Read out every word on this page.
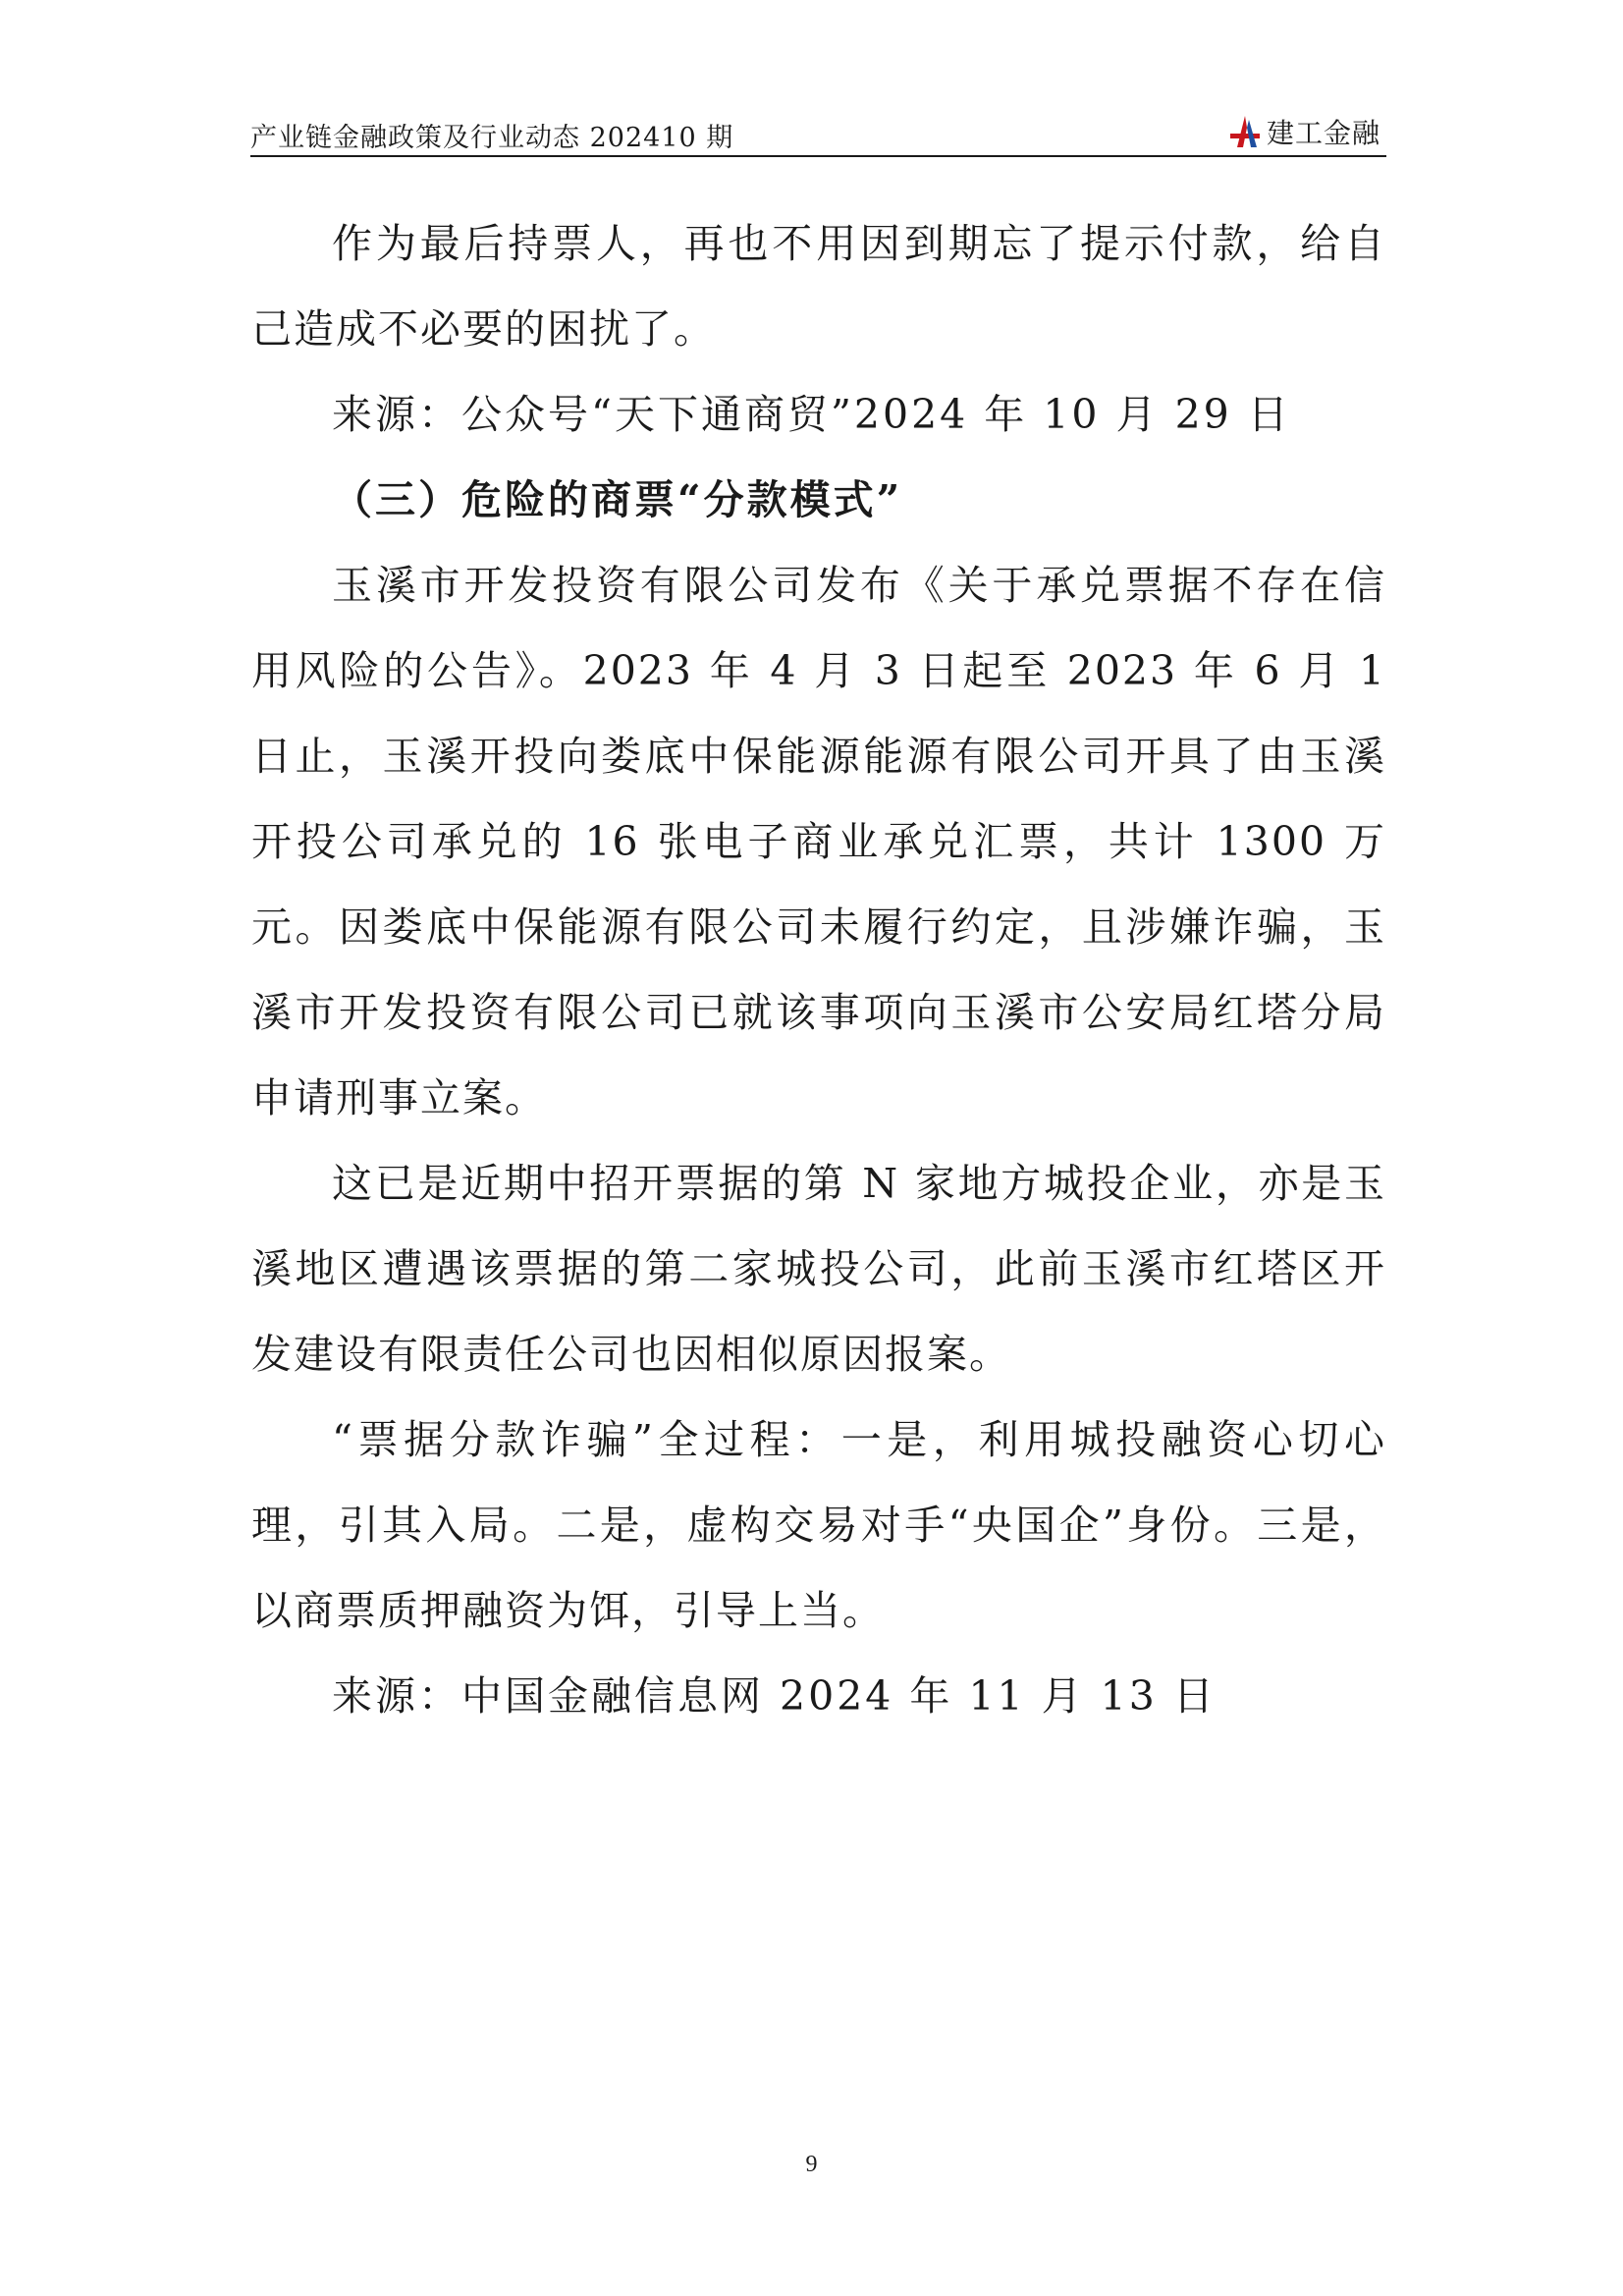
产业链金融政策及行业动态 202410 期	建工金融

作为最后持票人，再也不用因到期忘了提示付款，给自己造成不必要的困扰了。

来源：公众号“天下通商贸”2024 年 10 月 29 日

（三）危险的商票“分款模式”

玉溪市开发投资有限公司发布《关于承兑票据不存在信用风险的公告》。2023 年 4 月 3 日起至 2023 年 6 月 1 日止，玉溪开投向娄底中保能源能源有限公司开具了由玉溪开投公司承兑的 16 张电子商业承兑汇票，共计 1300 万元。因娄底中保能源有限公司未履行约定，且涉嫌诈骗，玉溪市开发投资有限公司已就该事项向玉溪市公安局红塔分局申请刑事立案。

这已是近期中招开票据的第 N 家地方城投企业，亦是玉溪地区遭遇该票据的第二家城投公司，此前玉溪市红塔区开发建设有限责任公司也因相似原因报案。

“票据分款诈骗”全过程：一是，利用城投融资心切心理，引其入局。二是，虚构交易对手“央国企”身份。三是，以商票质押融资为饵，引导上当。

来源：中国金融信息网 2024 年 11 月 13 日

9
